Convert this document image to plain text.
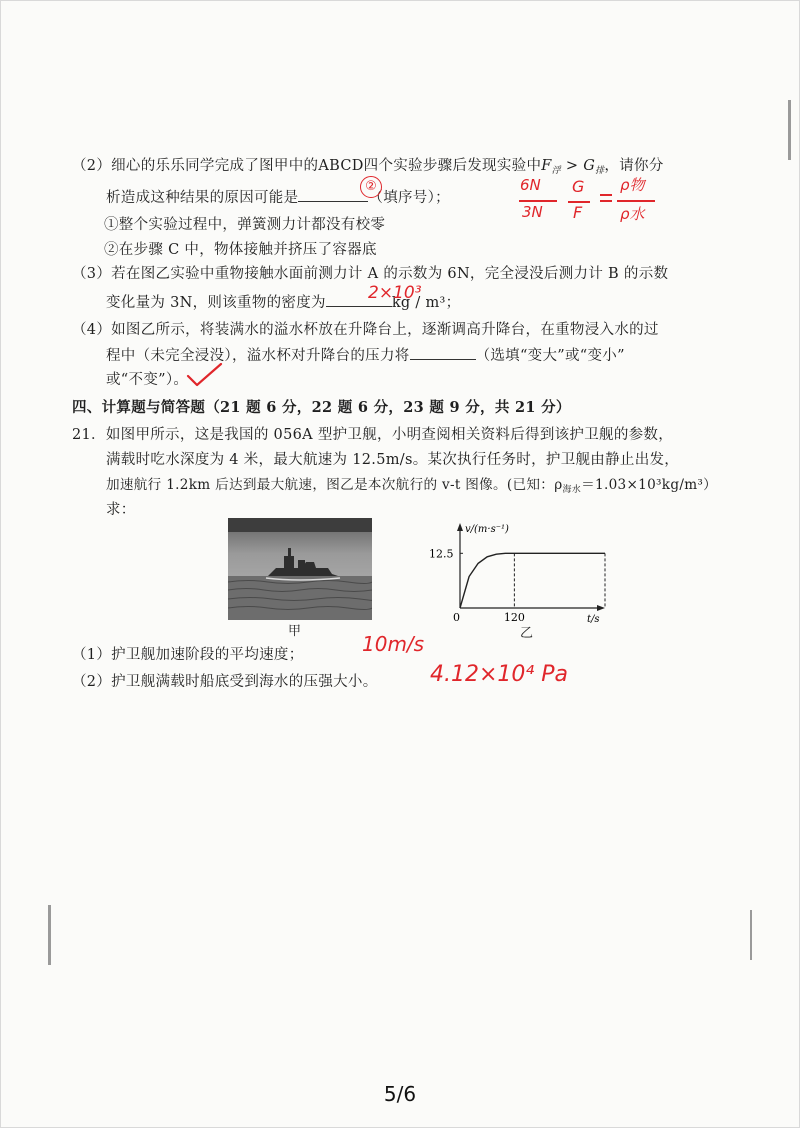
（2）细心的乐乐同学完成了图甲中的ABCD四个实验步骤后发现实验中$F_浮 > G_排$，请你分
析造成这种结果的原因可能是	（填序号）；
①整个实验过程中，弹簧测力计都没有校零
②在步骤 C 中，物体接触并挤压了容器底
（3）若在图乙实验中重物接触水面前测力计 A 的示数为 6N，完全浸没后测力计 B 的示数
变化量为 3N，则该重物的密度为	kg / m³；
（4）如图乙所示，将装满水的溢水杯放在升降台上，逐渐调高升降台，在重物浸入水的过
程中（未完全浸没），溢水杯对升降台的压力将	（选填“变大”或“变小”
或“不变”）。
四、计算题与简答题（21 题 6 分，22 题 6 分，23 题 9 分，共 21 分）
21．如图甲所示，这是我国的 056A 型护卫舰，小明查阅相关资料后得到该护卫舰的参数，
满载时吃水深度为 4 米，最大航速为 12.5m/s。某次执行任务时，护卫舰由静止出发，
加速航行 1.2km 后达到最大航速，图乙是本次航行的 v-t 图像。(已知：$\rho_{海水}=1.03\times 10^3kg/m^3$）
求：
甲
v/(m·s⁻¹)
t/s
0
12.5
120
乙
（1）护卫舰加速阶段的平均速度；
（2）护卫舰满载时船底受到海水的压强大小。
②	6N
3N
G
F
ρ物
ρ水
2×10³
10m/s
4.12×10⁴ Pa
5/6
